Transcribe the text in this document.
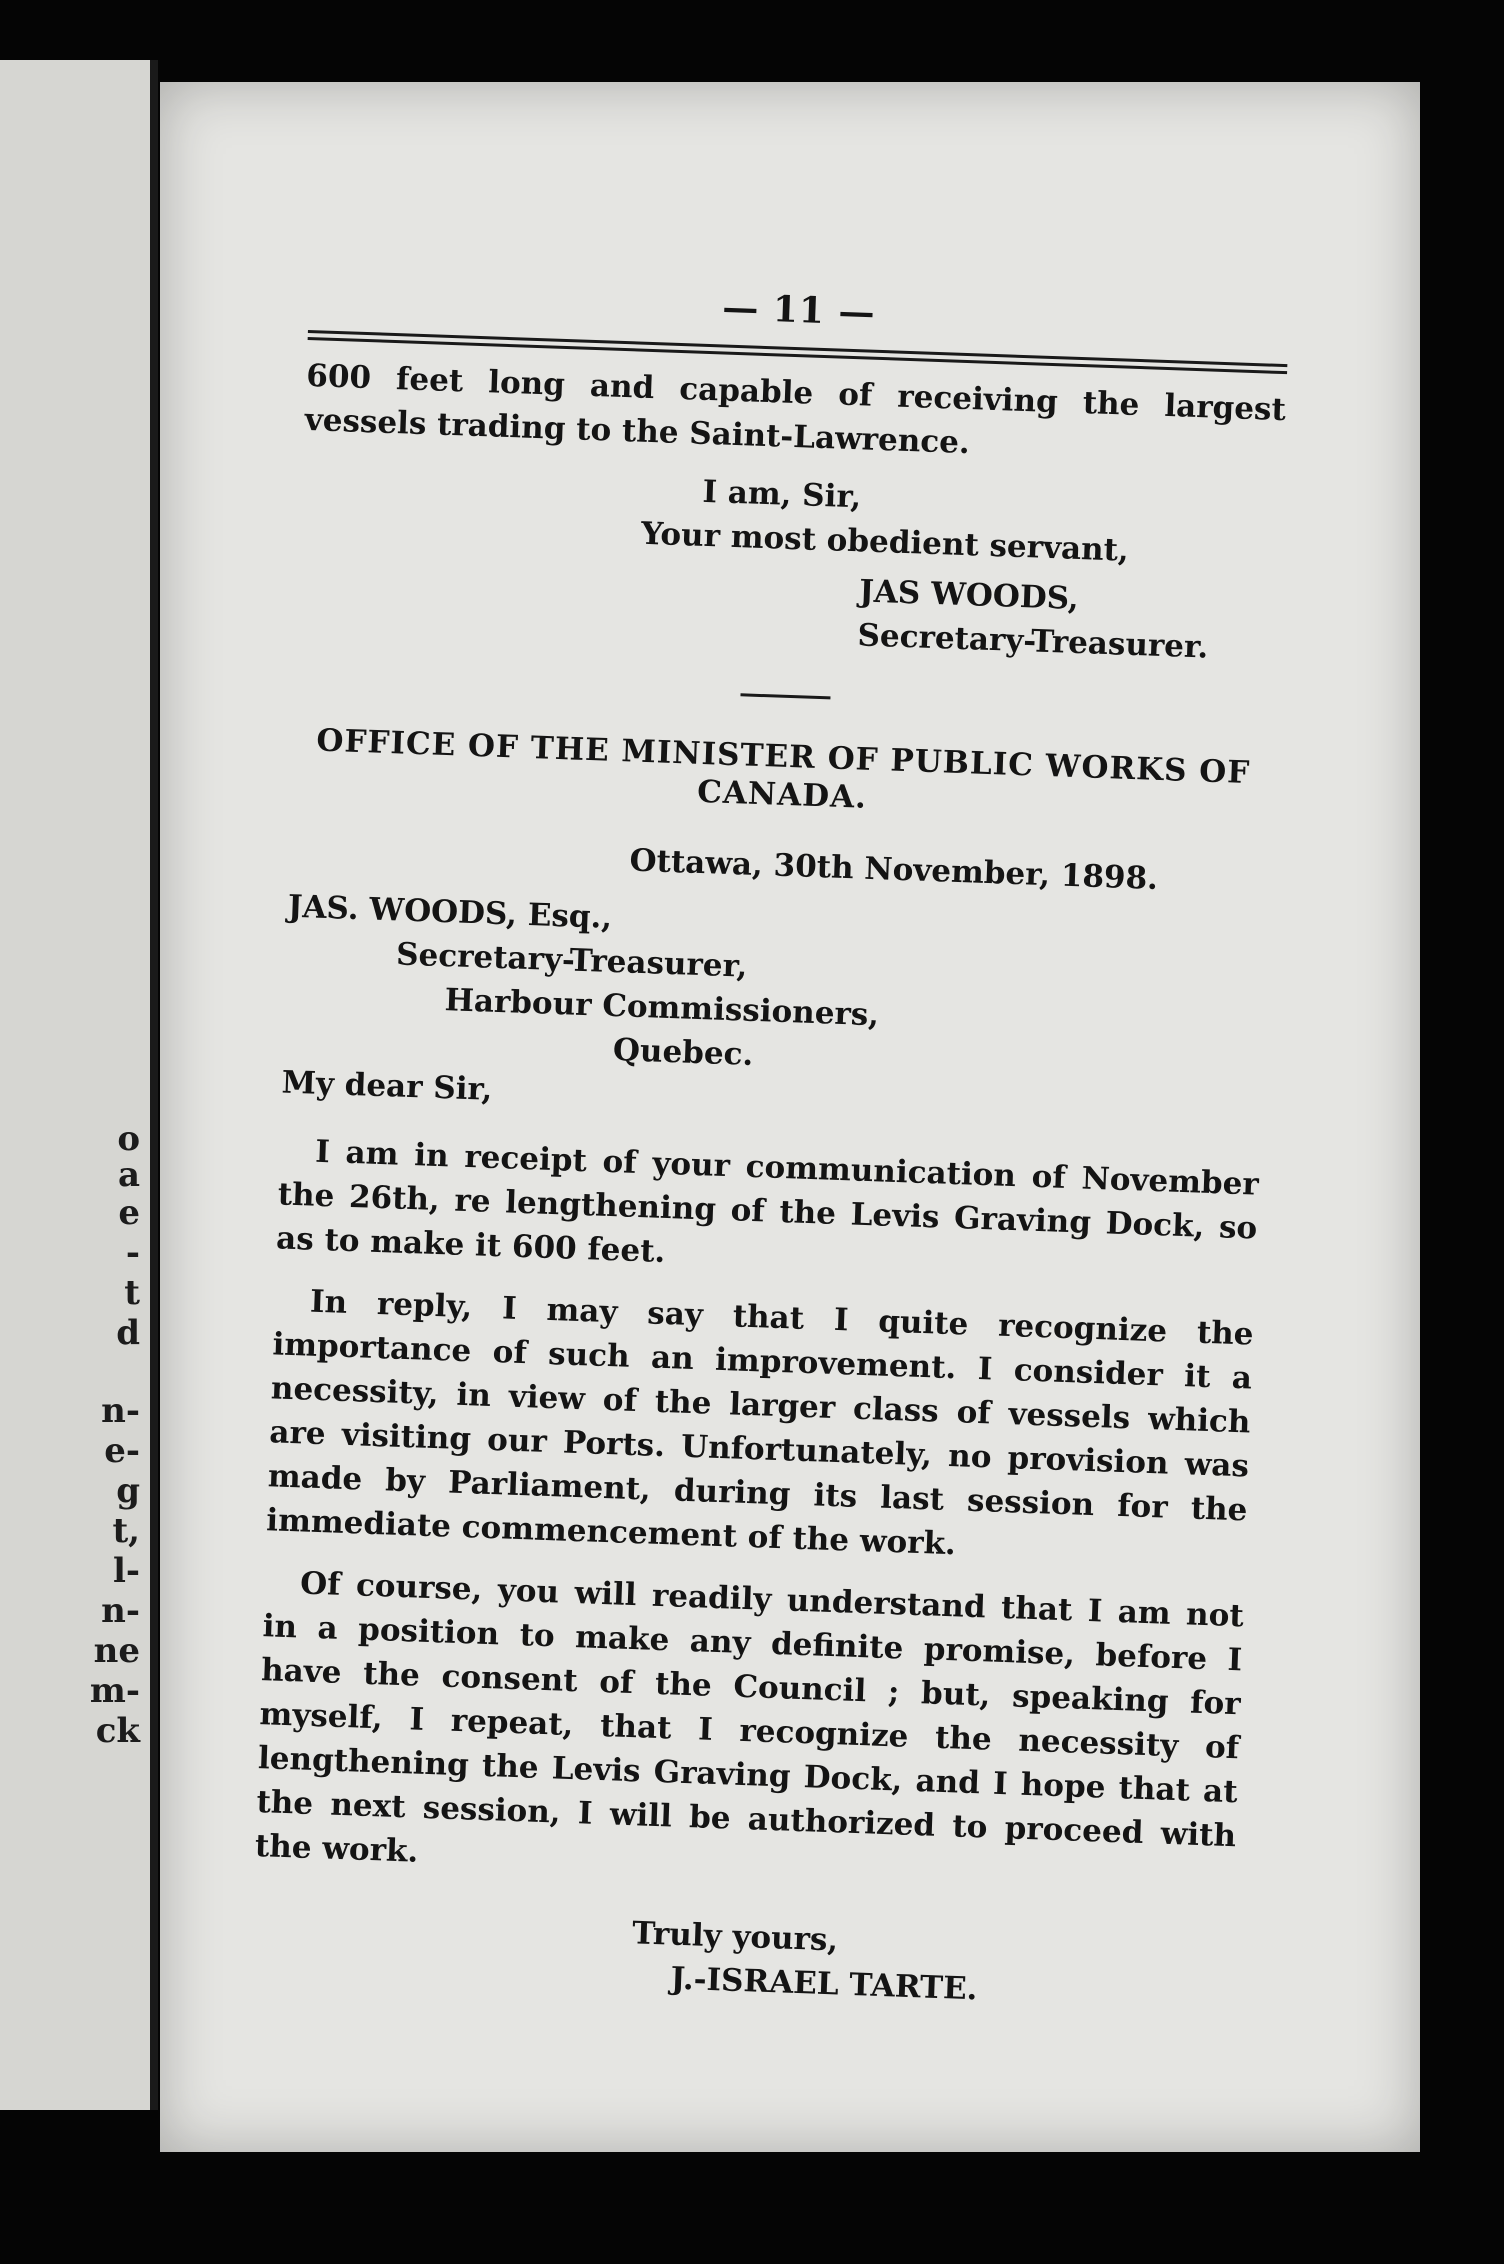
o
a
e
-
t
d
n-
e-
g
t,
l-
n-
ne
m-
ck
— 11 —

600 feet long and capable of receiving the largest vessels trading to the Saint-Lawrence.

I am, Sir,
Your most obedient servant,
JAS WOODS,
Secretary-Treasurer.
OFFICE OF THE MINISTER OF PUBLIC WORKS OF CANADA.
Ottawa, 30th November, 1898.
JAS. WOODS, Esq.,
Secretary-Treasurer,
Harbour Commissioners,
Quebec.
My dear Sir,

I am in receipt of your communication of November the 26th, re lengthening of the Levis Graving Dock, so as to make it 600 feet.

In reply, I may say that I quite recognize the importance of such an improvement. I consider it a necessity, in view of the larger class of vessels which are visiting our Ports. Unfortunately, no provision was made by Parliament, during its last session for the immediate commencement of the work.

Of course, you will readily understand that I am not in a position to make any definite promise, before I have the consent of the Council ; but, speaking for myself, I repeat, that I recognize the necessity of lengthening the Levis Graving Dock, and I hope that at the next session, I will be authorized to proceed with the work.

Truly yours,
J.-ISRAEL TARTE.
